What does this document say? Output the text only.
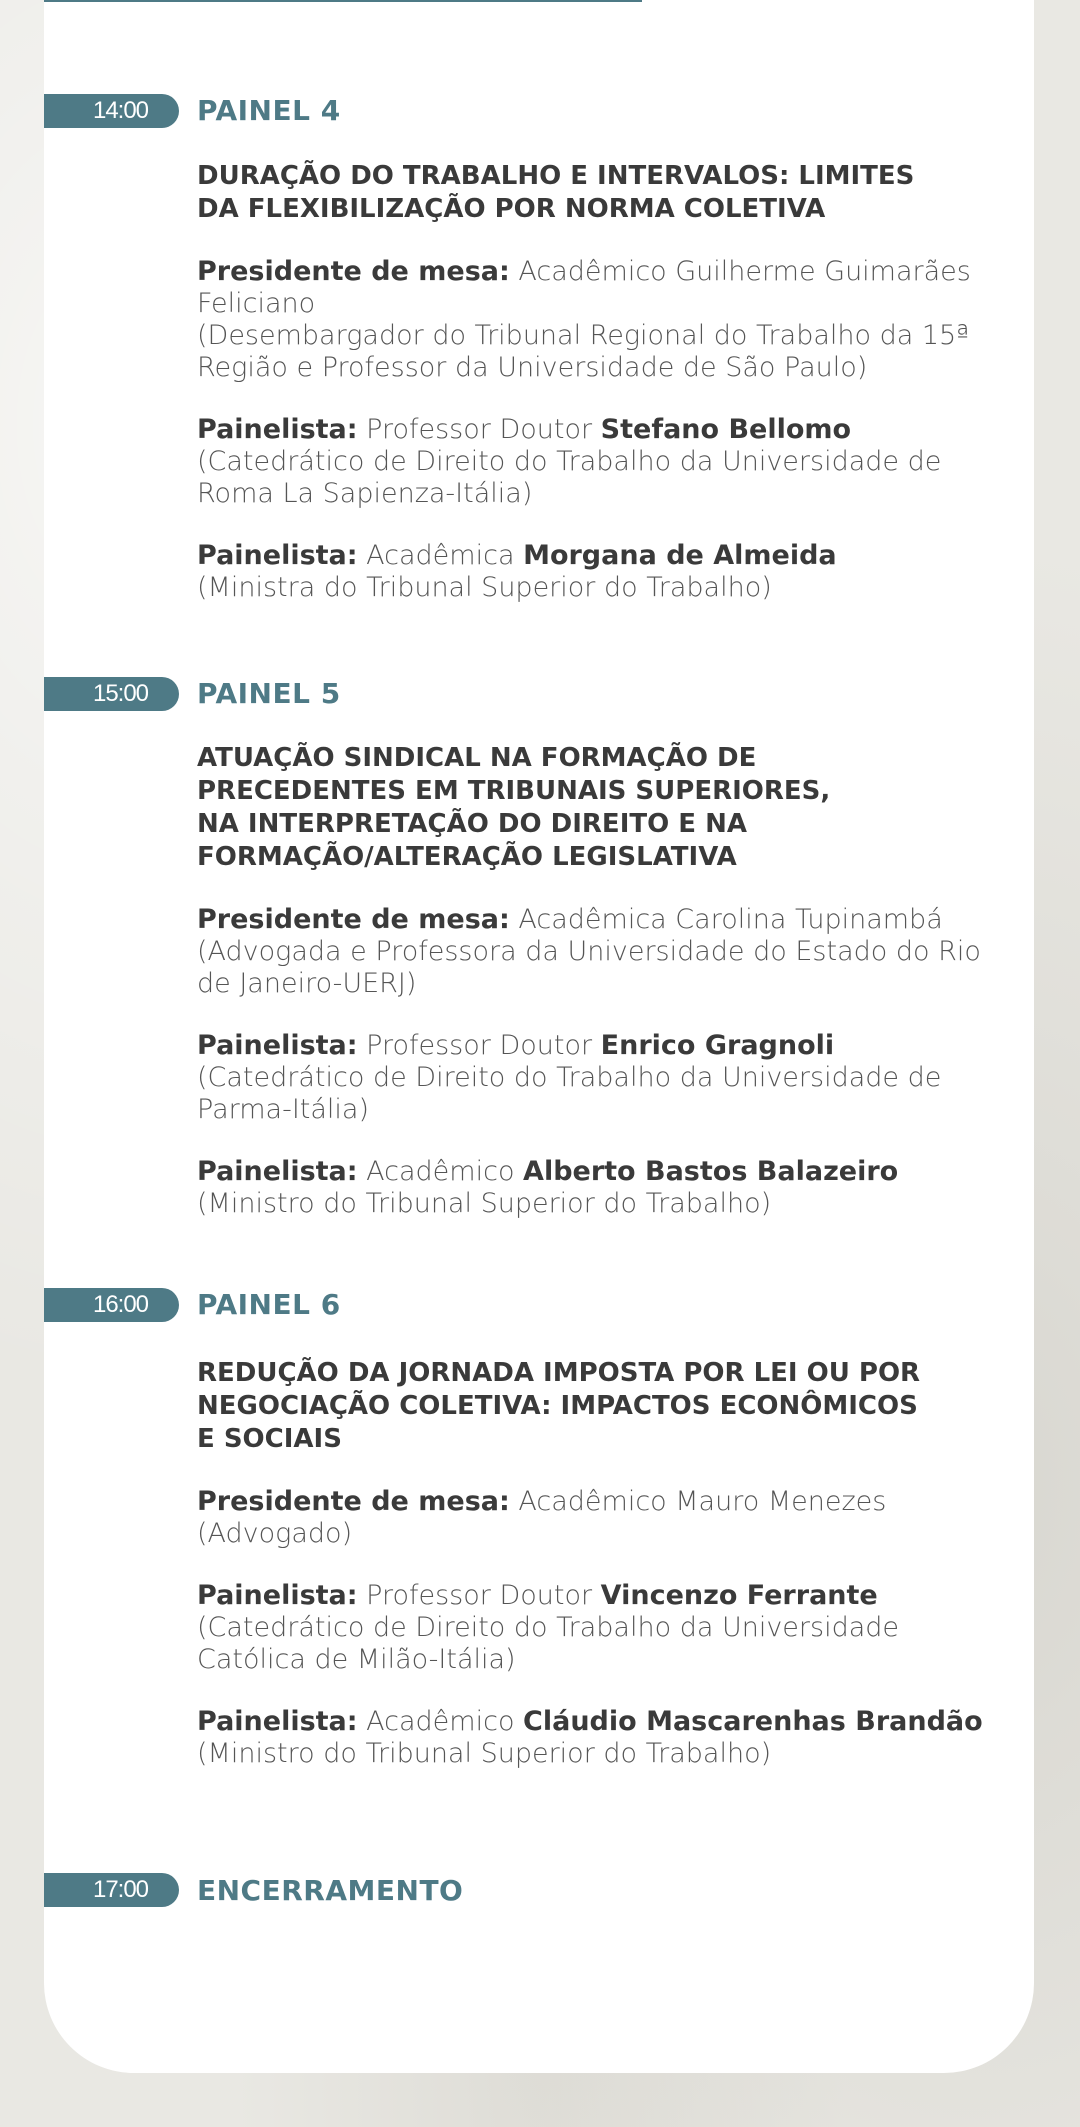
14:00 PAINEL 4

DURAÇÃO DO TRABALHO E INTERVALOS: LIMITES
DA FLEXIBILIZAÇÃO POR NORMA COLETIVA

Presidente de mesa: Acadêmico Guilherme Guimarães Feliciano
(Desembargador do Tribunal Regional do Trabalho da 15ª Região e Professor da Universidade de São Paulo)

Painelista: Professor Doutor Stefano Bellomo
(Catedrático de Direito do Trabalho da Universidade de Roma La Sapienza-Itália)

Painelista: Acadêmica Morgana de Almeida
(Ministra do Tribunal Superior do Trabalho)

15:00 PAINEL 5

ATUAÇÃO SINDICAL NA FORMAÇÃO DE
PRECEDENTES EM TRIBUNAIS SUPERIORES,
NA INTERPRETAÇÃO DO DIREITO E NA
FORMAÇÃO/ALTERAÇÃO LEGISLATIVA

Presidente de mesa: Acadêmica Carolina Tupinambá
(Advogada e Professora da Universidade do Estado do Rio de Janeiro-UERJ)

Painelista: Professor Doutor Enrico Gragnoli
(Catedrático de Direito do Trabalho da Universidade de Parma-Itália)

Painelista: Acadêmico Alberto Bastos Balazeiro
(Ministro do Tribunal Superior do Trabalho)

16:00 PAINEL 6

REDUÇÃO DA JORNADA IMPOSTA POR LEI OU POR
NEGOCIAÇÃO COLETIVA: IMPACTOS ECONÔMICOS
E SOCIAIS

Presidente de mesa: Acadêmico Mauro Menezes
(Advogado)

Painelista: Professor Doutor Vincenzo Ferrante
(Catedrático de Direito do Trabalho da Universidade Católica de Milão-Itália)

Painelista: Acadêmico Cláudio Mascarenhas Brandão
(Ministro do Tribunal Superior do Trabalho)

17:00 ENCERRAMENTO
